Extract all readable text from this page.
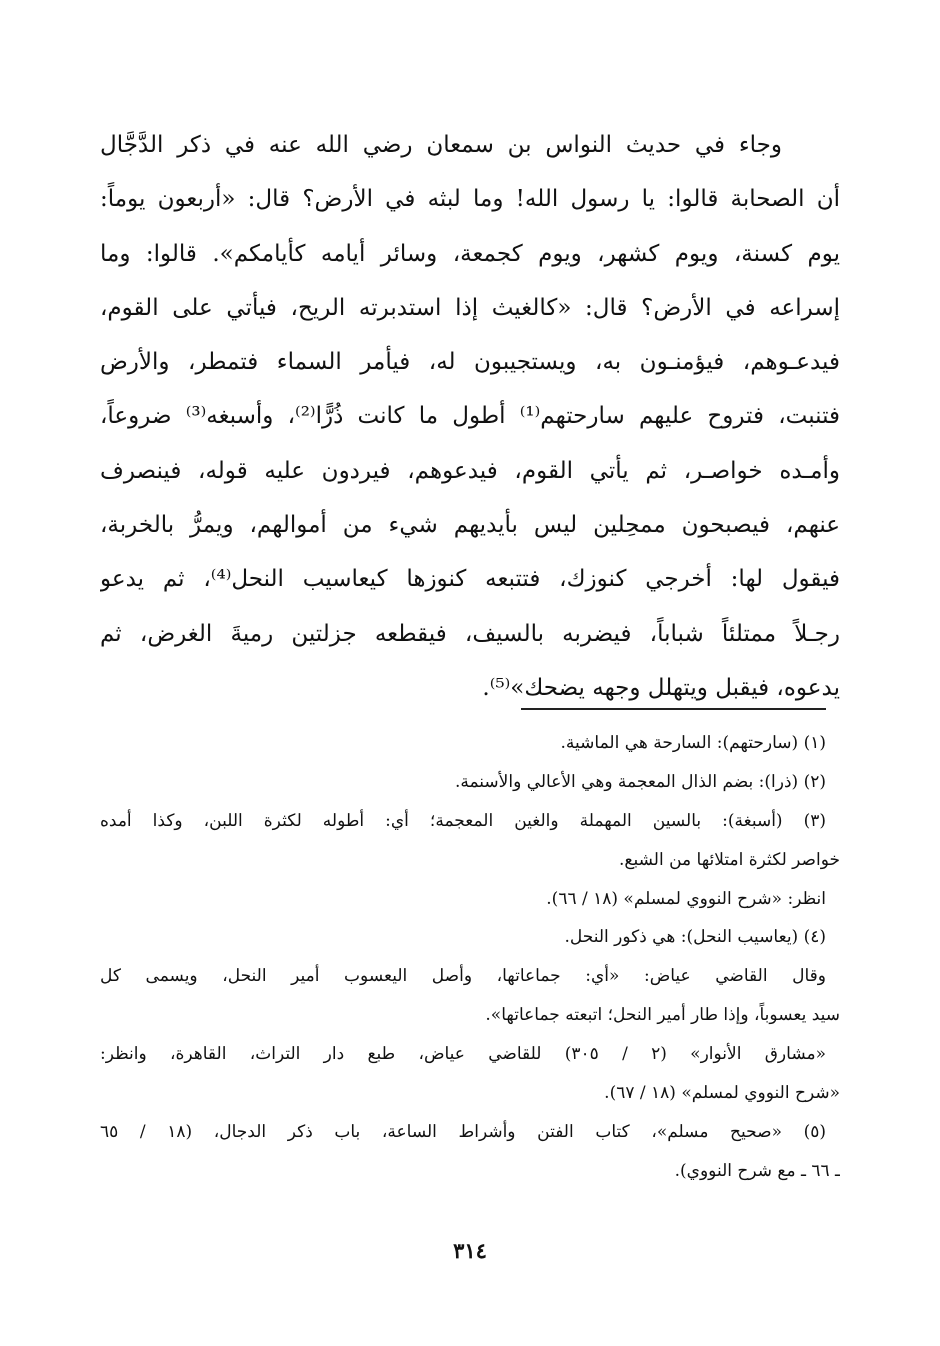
وجاء في حديث النواس بن سمعان رضي الله عنه في ذكر الدَّجَّال
أن الصحابة قالوا: يا رسول الله! وما لبثه في الأرض؟ قال: «أربعون يوماً:
يوم كسنة، ويوم كشهر، ويوم كجمعة، وسائر أيامه كأيامكم». قالوا: وما
إسراعه في الأرض؟ قال: «كالغيث إذا استدبرته الريح، فيأتي على القوم،
فيدعـوهم، فيؤمنـون به، ويستجيبون له، فيأمر السماء فتمطر، والأرض
فتنبت، فتروح عليهم سارحتهم⁽¹⁾ أطول ما كانت ذُرًّا⁽²⁾، وأسبغه⁽³⁾ ضروعاً،
وأمـده خواصـر، ثم يأتي القوم، فيدعوهم، فيردون عليه قوله، فينصرف
عنهم، فيصبحون ممحِلين ليس بأيديهم شيء من أموالهم، ويمرُّ بالخربة،
فيقول لها: أخرجي كنوزك، فتتبعه كنوزها كيعاسيب النحل⁽⁴⁾، ثم يدعو
رجـلاً ممتلئاً شباباً، فيضربه بالسيف، فيقطعه جزلتين رميةَ الغرض، ثم
يدعوه، فيقبل ويتهلل وجهه يضحك»⁽⁵⁾.
(١) (سارحتهم): السارحة هي الماشية.
(٢) (ذرا): بضم الذال المعجمة وهي الأعالي والأسنمة.
(٣) (أسبغة): بالسين المهملة والغين المعجمة؛ أي: أطوله لكثرة اللبن، وكذا أمده
خواصر لكثرة امتلائها من الشبع.
انظر: «شرح النووي لمسلم» (١٨ / ٦٦).
(٤) (يعاسيب النحل): هي ذكور النحل.
وقال القاضي عياض: «أي: جماعاتها، وأصل اليعسوب أمير النحل، ويسمى كل
سيد يعسوباً، وإذا طار أمير النحل؛ اتبعته جماعاتها».
«مشارق الأنوار» (٢ / ٣٠٥) للقاضي عياض، طبع دار التراث، القاهرة، وانظر:
«شرح النووي لمسلم» (١٨ / ٦٧).
(٥) «صحيح مسلم»، كتاب الفتن وأشراط الساعة، باب ذكر الدجال، (١٨ / ٦٥
ـ ٦٦ ـ مع شرح النووي).
٣١٤
